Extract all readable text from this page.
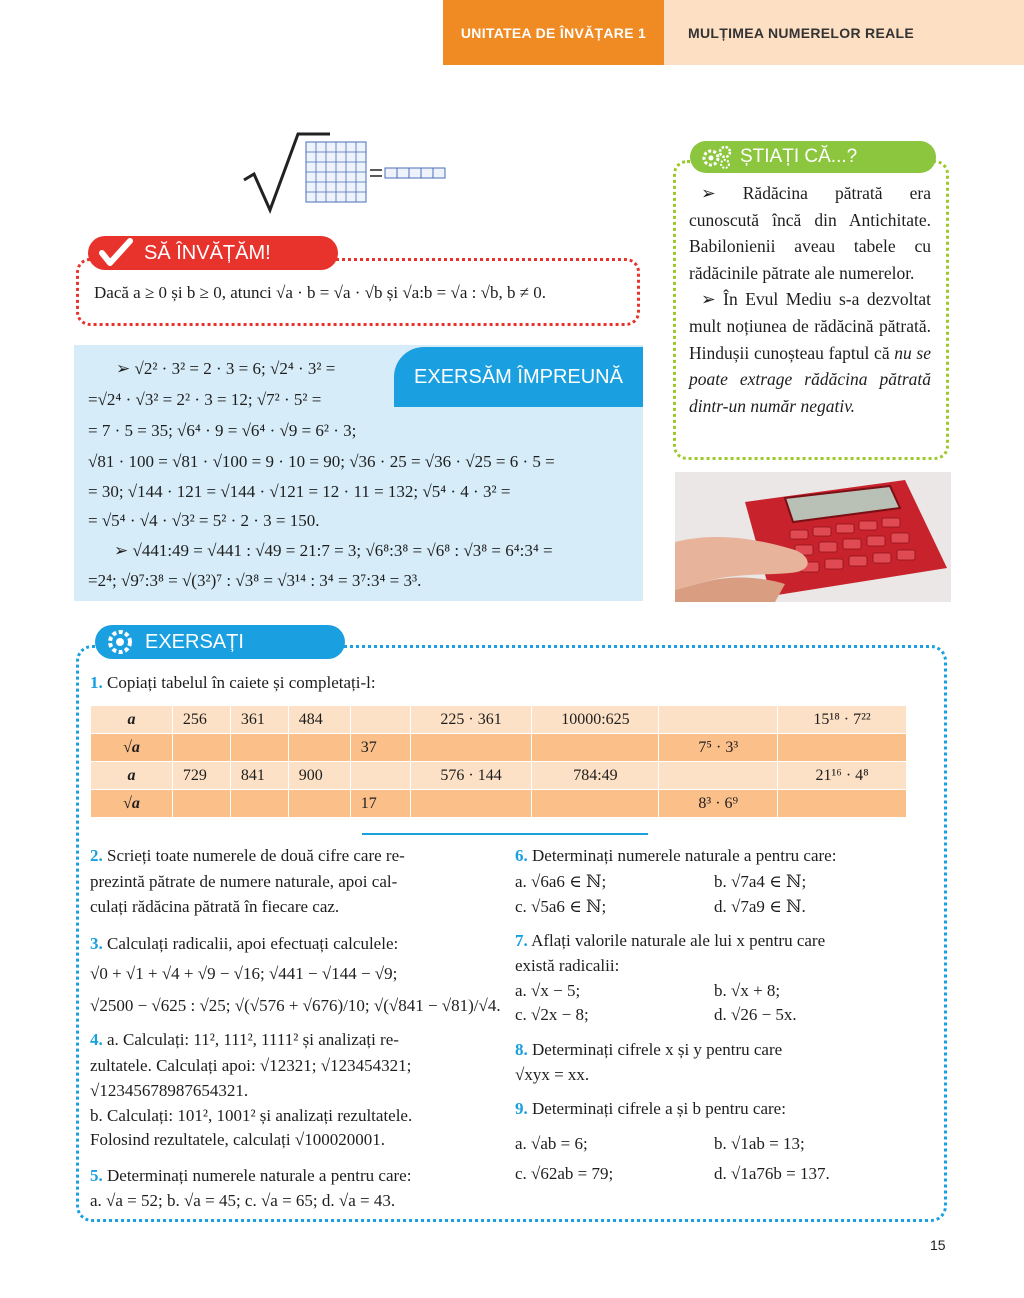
UNITATEA DE ÎNVĂȚARE 1	MULȚIMEA NUMERELOR REALE
SĂ ÎNVĂȚĂM!
Dacă a ≥ 0 și b ≥ 0, atunci √a · b = √a · √b și √a:b = √a : √b, b ≠ 0.
EXERSĂM ÎMPREUNĂ
➢ √2² · 3² = 2 · 3 = 6; √2⁴ · 3² =
=√2⁴ · √3² = 2² · 3 = 12; √7² · 5² =
= 7 · 5 = 35; √6⁴ · 9 = √6⁴ · √9 = 6² · 3;
√81 · 100 = √81 · √100 = 9 · 10 = 90; √36 · 25 = √36 · √25 = 6 · 5 =
= 30; √144 · 121 = √144 · √121 = 12 · 11 = 132; √5⁴ · 4 · 3² =
= √5⁴ · √4 · √3² = 5² · 2 · 3 = 150.
➢ √441:49 = √441 : √49 = 21:7 = 3; √6⁸:3⁸ = √6⁸ : √3⁸ = 6⁴:3⁴ =
=2⁴; √9⁷:3⁸ = √(3²)⁷ : √3⁸ = √3¹⁴ : 3⁴ = 3⁷:3⁴ = 3³.
ȘTIAȚI CĂ...?

➢ Rădăcina pătrată era cunoscută încă din Antichitate. Babilonienii aveau tabele cu rădăcinile pătrate ale numerelor.

➢ În Evul Mediu s-a dezvoltat mult noțiunea de rădăcină pătrată. Hindușii cunoșteau faptul că nu se poate extrage rădăcina pătrată dintr-un număr negativ.

EXERSAȚI
1. Copiați tabelul în caiete și completați-l:
a	256	361	484		225 · 361	10000:625		15¹⁸ · 7²²
√a				37			7⁵ · 3³	
a	729	841	900		576 · 144	784:49		21¹⁶ · 4⁸
√a				17			8³ · 6⁹	
2. Scrieți toate numerele de două cifre care re-
prezintă pătrate de numere naturale, apoi cal-
culați rădăcina pătrată în fiecare caz.
3. Calculați radicalii, apoi efectuați calculele:
√0 + √1 + √4 + √9 − √16; √441 − √144 − √9;
√2500 − √625 : √25; √(√576 + √676)/10; √(√841 − √81)/√4.
4. a. Calculați: 11², 111², 1111² și analizați re-
zultatele. Calculați apoi: √12321; √123454321;
√12345678987654321.
b. Calculați: 101², 1001² și analizați rezultatele.
Folosind rezultatele, calculați √100020001.
5. Determinați numerele naturale a pentru care:
a. √a = 52; b. √a = 45; c. √a = 65; d. √a = 43.
6. Determinați numerele naturale a pentru care:
a. √6a6 ∈ ℕ;	b. √7a4 ∈ ℕ;
c. √5a6 ∈ ℕ;	d. √7a9 ∈ ℕ.
7. Aflați valorile naturale ale lui x pentru care
există radicalii:
a. √x − 5;	b. √x + 8;
c. √2x − 8;	d. √26 − 5x.
8. Determinați cifrele x și y pentru care
√xyx = xx.
9. Determinați cifrele a și b pentru care:
a. √ab = 6;	b. √1ab = 13;
c. √62ab = 79;	d. √1a76b = 137.
15
